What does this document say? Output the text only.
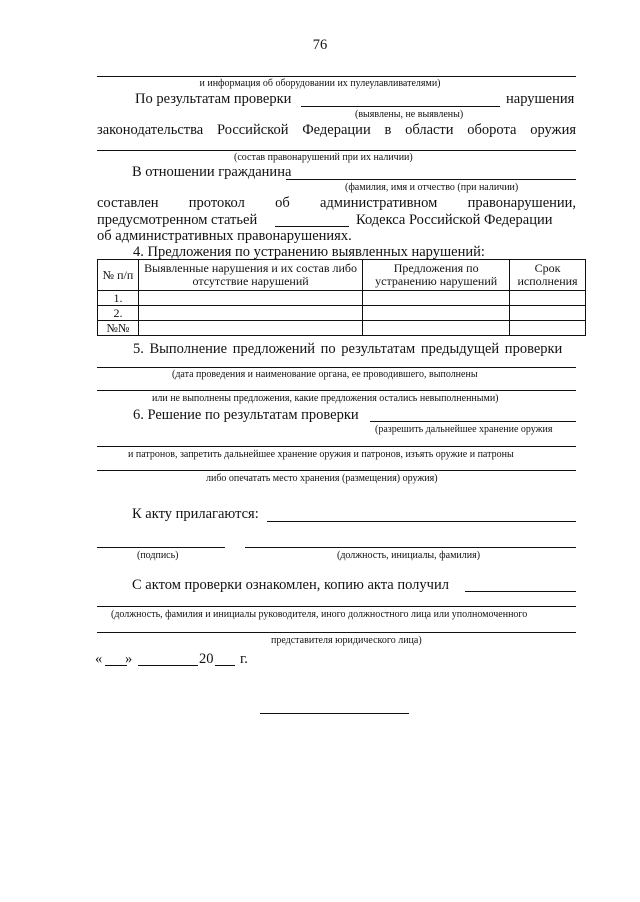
76
и информация об оборудовании их пулеулавливателями)
По результатам проверки	нарушения
(выявлены, не выявлены)
законодательства Российской Федерации в области оборота оружия
(состав правонарушений при их наличии)
В отношении гражданина
(фамилия, имя и отчество (при наличии)
составлен протокол об административном правонарушении,
предусмотренном статьей	Кодекса Российской Федерации
об административных правонарушениях.
4. Предложения по устранению выявленных нарушений:
№ п/п	Выявленные нарушения и их состав либо отсутствие нарушений	Предложения по устранению нарушений	Срок исполнения
1.			
2.			
№№			
5. Выполнение предложений по результатам предыдущей проверки
(дата проведения и наименование органа, ее проводившего, выполнены
или не выполнены предложения, какие предложения остались невыполненными)
6. Решение по результатам проверки
(разрешить дальнейшее хранение оружия
и патронов, запретить дальнейшее хранение оружия и патронов, изъять оружие и патроны
либо опечатать место хранения (размещения) оружия)
К акту прилагаются:
(подпись)	(должность, инициалы, фамилия)
С актом проверки ознакомлен, копию акта получил
(должность, фамилия и инициалы руководителя, иного должностного лица или уполномоченного
представителя юридического лица)
« »	20 г.
